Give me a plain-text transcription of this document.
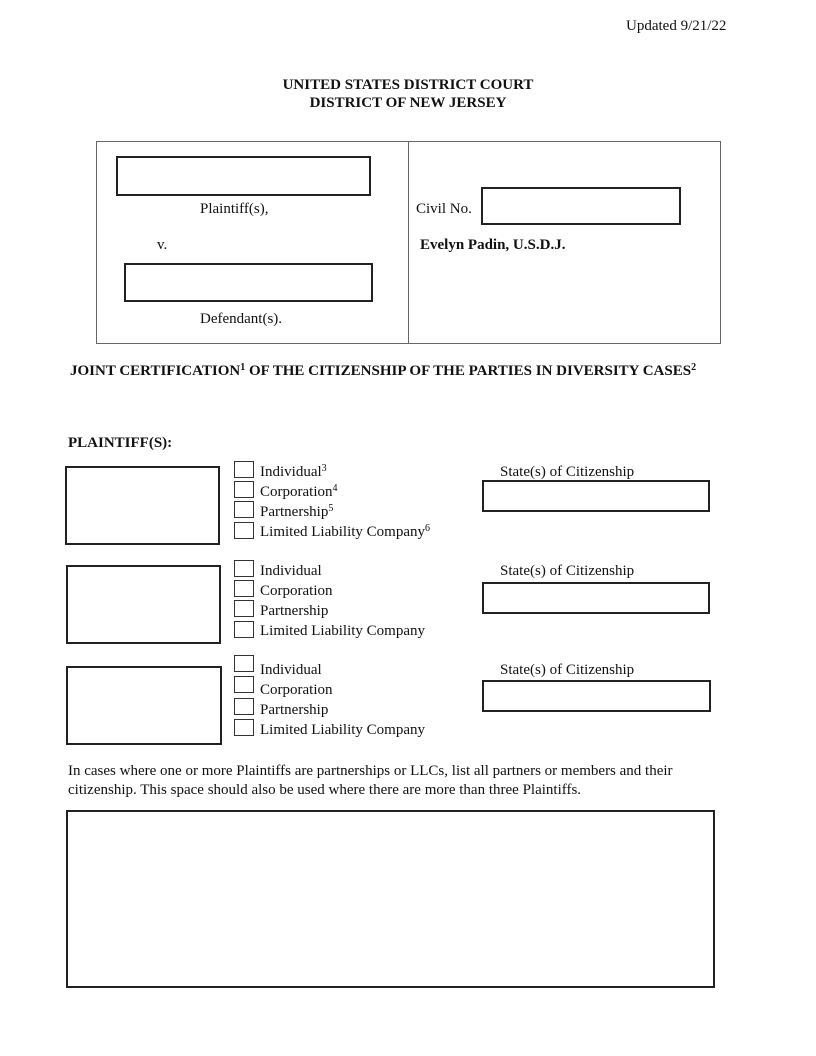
Updated 9/21/22
UNITED STATES DISTRICT COURT
DISTRICT OF NEW JERSEY
Plaintiff(s),
v.
Defendant(s).
Civil No.
Evelyn Padin, U.S.D.J.
JOINT CERTIFICATION$^1$ OF THE CITIZENSHIP OF THE PARTIES IN DIVERSITY CASES$^2$
PLAINTIFF(S):
Individual$^3$
Corporation$^4$
Partnership$^5$
Limited Liability Company$^6$
State(s) of Citizenship
Individual
Corporation
Partnership
Limited Liability Company
State(s) of Citizenship
Individual
Corporation
Partnership
Limited Liability Company
State(s) of Citizenship
In cases where one or more Plaintiffs are partnerships or LLCs, list all partners or members and their
citizenship. This space should also be used where there are more than three Plaintiffs.
